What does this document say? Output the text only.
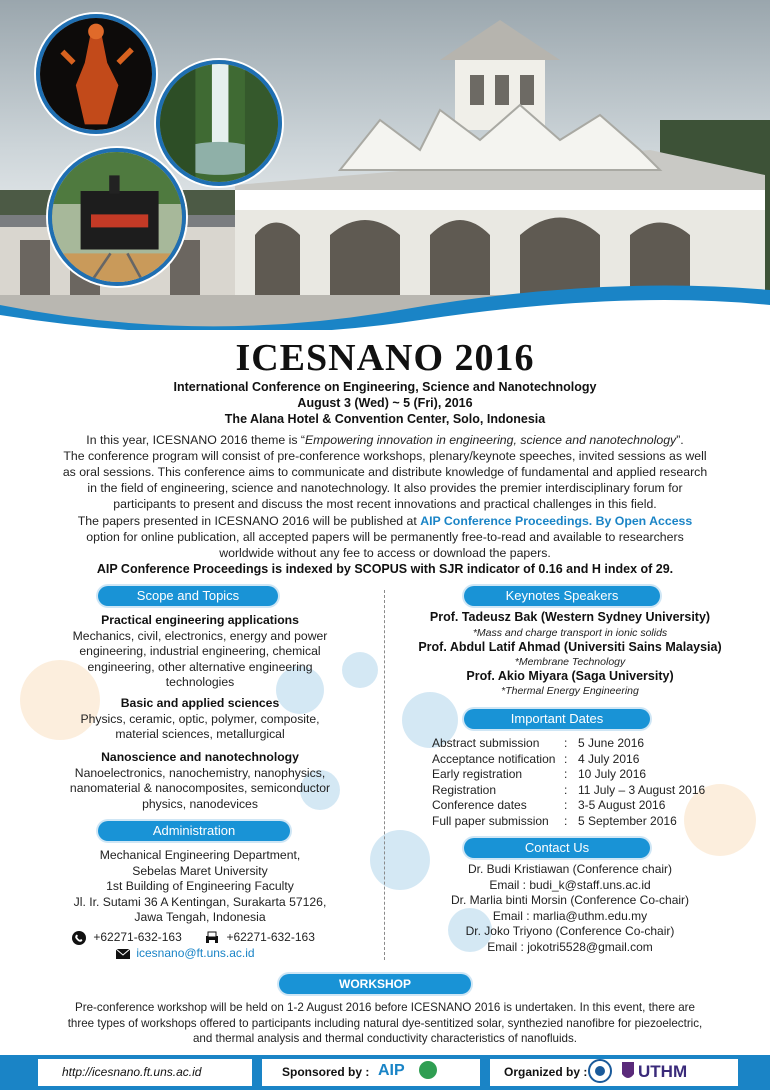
ICESNANO 2016
International Conference on Engineering, Science and Nanotechnology
August 3 (Wed) ~ 5 (Fri), 2016
The Alana Hotel & Convention Center, Solo, Indonesia
In this year, ICESNANO 2016 theme is “Empowering innovation in engineering, science and nanotechnology”.
The conference program will consist of pre-conference workshops, plenary/keynote speeches, invited sessions as well
as oral sessions. This conference aims to communicate and distribute knowledge of fundamental and applied research
in the field of engineering, science and nanotechnology. It also provides the premier interdisciplinary forum for
participants to present and discuss the most recent innovations and practical challenges in this field.
The papers presented in ICESNANO 2016 will be published at AIP Conference Proceedings. By Open Access
option for online publication, all accepted papers will be permanently free-to-read and available to researchers
worldwide without any fee to access or download the papers.
AIP Conference Proceedings is indexed by SCOPUS with SJR indicator of 0.16 and H index of 29.
Scope and Topics
Practical engineering applications
Mechanics, civil, electronics, energy and power
engineering, industrial engineering, chemical
engineering, other alternative engineering
technologies
Basic and applied sciences
Physics, ceramic, optic, polymer, composite,
material sciences, metallurgical
Nanoscience and nanotechnology
Nanoelectronics, nanochemistry, nanophysics,
nanomaterial & nanocomposites, semiconductor
physics, nanodevices
Administration
Mechanical Engineering Department,
Sebelas Maret University
1st Building of Engineering Faculty
Jl. Ir. Sutami 36 A Kentingan, Surakarta 57126,
Jawa Tengah, Indonesia
+62271-632-163	+62271-632-163
icesnano@ft.uns.ac.id
Keynotes Speakers
Prof. Tadeusz Bak (Western Sydney University)
*Mass and charge transport in ionic solids
Prof. Abdul Latif Ahmad (Universiti Sains Malaysia)
*Membrane Technology
Prof. Akio Miyara (Saga University)
*Thermal Energy Engineering
Important Dates
Abstract submission : 5 June 2016
Acceptance notification : 4 July 2016
Early registration	: 10 July 2016
Registration	: 11 July – 3 August 2016
Conference dates	: 3-5 August 2016
Full paper submission : 5 September 2016
Contact Us
Dr. Budi Kristiawan (Conference chair)
Email : budi_k@staff.uns.ac.id
Dr. Marlia binti Morsin (Conference Co-chair)
Email : marlia@uthm.edu.my
Dr. Joko Triyono (Conference Co-chair)
Email : jokotri5528@gmail.com
WORKSHOP
Pre-conference workshop will be held on 1-2 August 2016 before ICESNANO 2016 is undertaken. In this event, there are
three types of workshops offered to participants including natural dye-sentitized solar, synthezied nanofibre for piezoelectric,
and thermal analysis and thermal conductivity characteristics of nanofluids.
http://icesnano.ft.uns.ac.id	Sponsored by : AIP	Organized by :	UTHM
